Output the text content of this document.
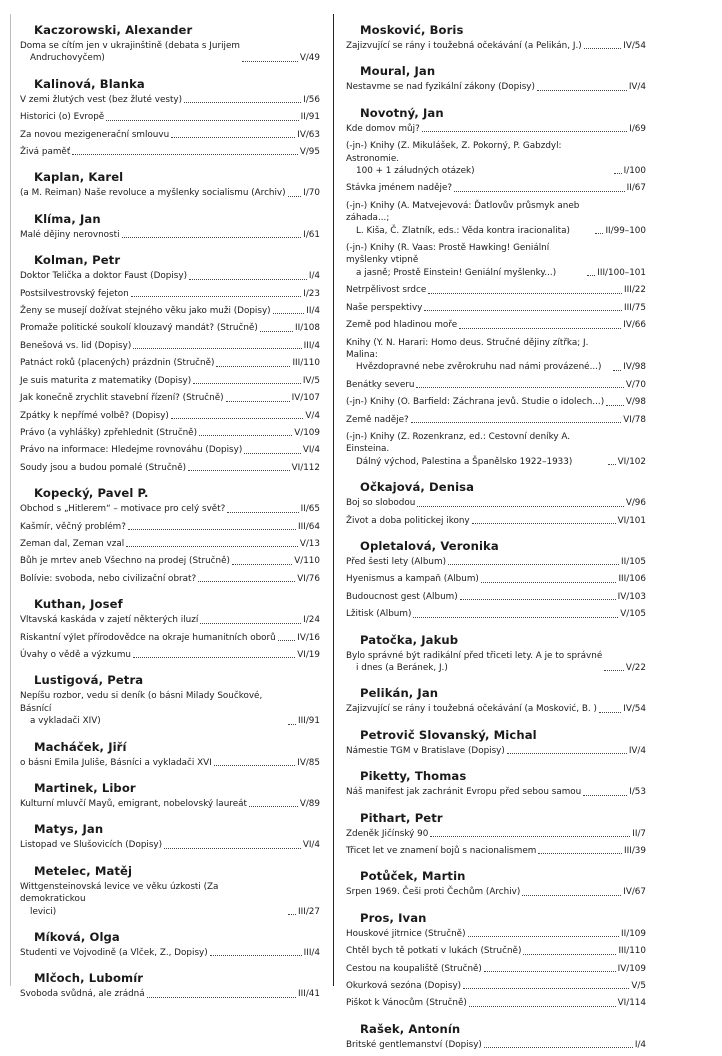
Kaczorowski, Alexander
Doma se cítím jen v ukrajinštině (debata s Jurijem
Andruchovyčem)	V/49
Kalinová, Blanka
V zemi žlutých vest (bez žluté vesty)	I/56
Historici (o) Evropě	II/91
Za novou mezigenerační smlouvu	IV/63
Živá paměť	V/95
Kaplan, Karel
(a M. Reiman) Naše revoluce a myšlenky socialismu (Archiv) I/70
Klíma, Jan
Malé dějiny nerovnosti	I/61
Kolman, Petr
Doktor Telička a doktor Faust (Dopisy)	I/4
Postsilvestrovský fejeton	I/23
Ženy se musejí dožívat stejného věku jako muži (Dopisy)	II/4
Promaže politické soukolí klouzavý mandát? (Stručně)	II/108
Benešová vs. lid (Dopisy)	III/4
Patnáct roků (placených) prázdnin (Stručně)	III/110
Je suis maturita z matematiky (Dopisy)	IV/5
Jak konečně zrychlit stavební řízení? (Stručně)	IV/107
Zpátky k nepřímé volbě? (Dopisy)	V/4
Právo (a vyhlášky) zpřehlednit (Stručně)	V/109
Právo na informace: Hledejme rovnováhu (Dopisy)	VI/4
Soudy jsou a budou pomalé (Stručně)	VI/112
Kopecký, Pavel P.
Obchod s „Hitlerem“ – motivace pro celý svět?	II/65
Kašmír, věčný problém?	III/64
Zeman dal, Zeman vzal	V/13
Bůh je mrtev aneb Všechno na prodej (Stručně)	V/110
Bolívie: svoboda, nebo civilizační obrat?	VI/76
Kuthan, Josef
Vltavská kaskáda v zajetí některých iluzí	I/24
Riskantní výlet přírodovědce na okraje humanitních oborů IV/16
Úvahy o vědě a výzkumu	VI/19
Lustigová, Petra
Nepíšu rozbor, vedu si deník (o básni Milady Součkové, Básnící
a vykladači XIV)	III/91
Macháček, Jiří
o básni Emila Juliše, Básníci a vykladači XVI	IV/85
Martinek, Libor
Kulturní mluvčí Mayů, emigrant, nobelovský laureát	V/89
Matys, Jan
Listopad ve Slušovicích (Dopisy)	VI/4
Metelec, Matěj
Wittgensteinovská levice ve věku úzkosti (Za demokratickou
levici)	III/27
Míková, Olga
Studenti ve Vojvodině (a Vlček, Z., Dopisy)	III/4
Mlčoch, Lubomír
Svoboda svůdná, ale zrádná	III/41
Mosković, Boris
Zajizvující se rány i toužebná očekávání (a Pelikán, J.)	IV/54
Moural, Jan
Nestavme se nad fyzikální zákony (Dopisy)	IV/4
Novotný, Jan
Kde domov můj?	I/69
(-jn-) Knihy (Z. Mikulášek, Z. Pokorný, P. Gabzdyl: Astronomie.
100 + 1 záludných otázek)	I/100
Stávka jménem naděje?	II/67
(-jn-) Knihy (A. Matvejevová: Ďatlovův průsmyk aneb záhada...;
L. Kiša, Č. Zlatník, eds.: Věda kontra iracionalita)	II/99–100
(-jn-) Knihy (R. Vaas: Prostě Hawking! Geniální myšlenky vtipně
a jasně; Prostě Einstein! Geniální myšlenky...)	III/100–101
Netrpělivost srdce	III/22
Naše perspektivy	III/75
Země pod hladinou moře	IV/66
Knihy (Y. N. Harari: Homo deus. Stručné dějiny zítřka; J. Malina:
Hvězdopravné nebe zvěrokruhu nad námi provázené...)	IV/98
Benátky severu	V/70
(-jn-) Knihy (O. Barfield: Záchrana jevů. Studie o idolech...) V/98
Země naděje?	VI/78
(-jn-) Knihy (Z. Rozenkranz, ed.: Cestovní deníky A. Einsteina.
Dálný východ, Palestina a Španělsko 1922–1933)	VI/102
Očkajová, Denisa
Boj so slobodou	V/96
Život a doba politickej ikony	VI/101
Opletalová, Veronika
Před šesti lety (Album)	II/105
Hyenismus a kampaň (Album)	III/106
Budoucnost gest (Album)	IV/103
Lžitisk (Album)	V/105
Patočka, Jakub
Bylo správné být radikální před třiceti lety. A je to správné
i dnes (a Beránek, J.)	V/22
Pelikán, Jan
Zajizvující se rány i toužebná očekávání (a Mosković, B. )	IV/54
Petrovič Slovanský, Michal
Námestie TGM v Bratislave (Dopisy)	IV/4
Piketty, Thomas
Náš manifest jak zachránit Evropu před sebou samou	I/53
Pithart, Petr
Zdeněk Jičínský 90	II/7
Třicet let ve znamení bojů s nacionalismem	III/39
Potůček, Martin
Srpen 1969. Češi proti Čechům (Archiv)	IV/67
Pros, Ivan
Houskové jitrnice (Stručně)	II/109
Chtěl bych tě potkati v lukách (Stručně)	III/110
Cestou na koupaliště (Stručně)	IV/109
Okurková sezóna (Dopisy)	V/5
Piškot k Vánocům (Stručně)	VI/114
Rašek, Antonín
Britské gentlemanství (Dopisy)	I/4
